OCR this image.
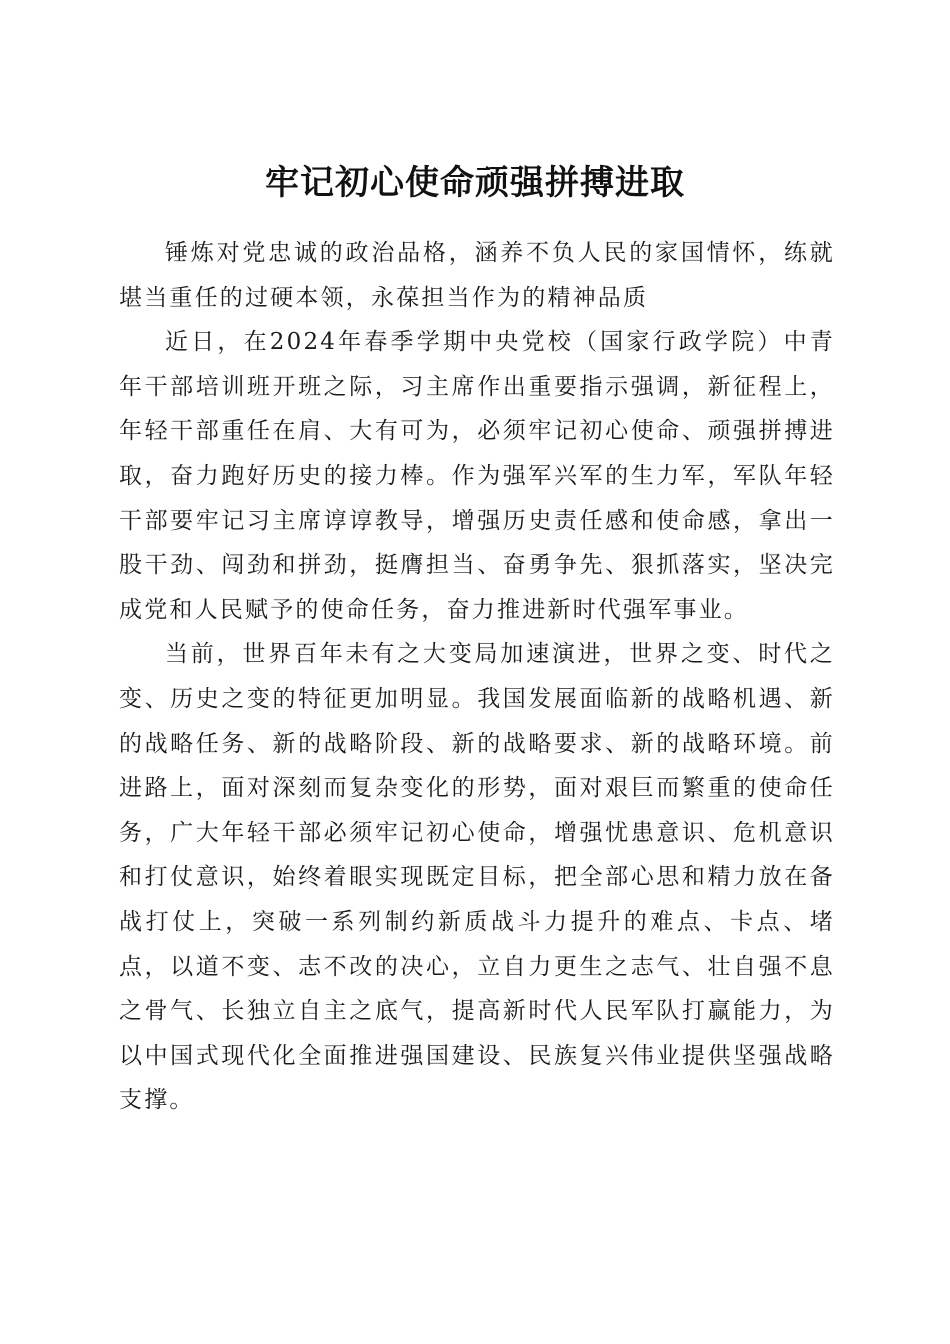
牢记初心使命顽强拼搏进取

锤炼对党忠诚的政治品格，涵养不负人民的家国情怀，练就堪当重任的过硬本领，永葆担当作为的精神品质

近日，在2024年春季学期中央党校（国家行政学院）中青年干部培训班开班之际，习主席作出重要指示强调，新征程上，年轻干部重任在肩、大有可为，必须牢记初心使命、顽强拼搏进取，奋力跑好历史的接力棒。作为强军兴军的生力军，军队年轻干部要牢记习主席谆谆教导，增强历史责任感和使命感，拿出一股干劲、闯劲和拼劲，挺膺担当、奋勇争先、狠抓落实，坚决完成党和人民赋予的使命任务，奋力推进新时代强军事业。

当前，世界百年未有之大变局加速演进，世界之变、时代之变、历史之变的特征更加明显。我国发展面临新的战略机遇、新的战略任务、新的战略阶段、新的战略要求、新的战略环境。前进路上，面对深刻而复杂变化的形势，面对艰巨而繁重的使命任务，广大年轻干部必须牢记初心使命，增强忧患意识、危机意识和打仗意识，始终着眼实现既定目标，把全部心思和精力放在备战打仗上，突破一系列制约新质战斗力提升的难点、卡点、堵点，以道不变、志不改的决心，立自力更生之志气、壮自强不息之骨气、长独立自主之底气，提高新时代人民军队打赢能力，为以中国式现代化全面推进强国建设、民族复兴伟业提供坚强战略支撑。
